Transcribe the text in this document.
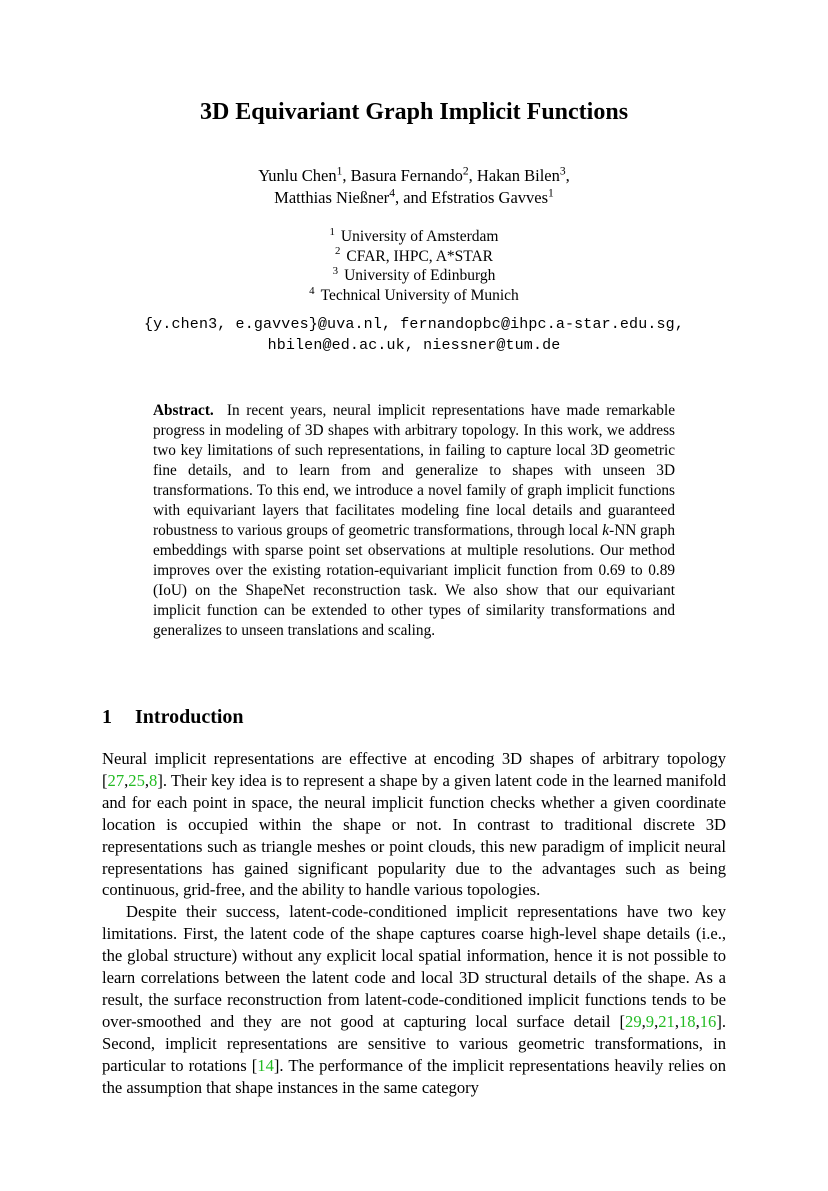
3D Equivariant Graph Implicit Functions
Yunlu Chen$^1$, Basura Fernando$^2$, Hakan Bilen$^3$,
Matthias Nießner$^4$, and Efstratios Gavves$^1$
$^1$ University of Amsterdam
$^2$ CFAR, IHPC, A*STAR
$^3$ University of Edinburgh
$^4$ Technical University of Munich
{y.chen3, e.gavves}@uva.nl, fernandopbc@ihpc.a-star.edu.sg,
hbilen@ed.ac.uk, niessner@tum.de

Abstract. In recent years, neural implicit representations have made remarkable progress in modeling of 3D shapes with arbitrary topology. In this work, we address two key limitations of such representations, in failing to capture local 3D geometric fine details, and to learn from and generalize to shapes with unseen 3D transformations. To this end, we introduce a novel family of graph implicit functions with equivariant layers that facilitates modeling fine local details and guaranteed robustness to various groups of geometric transformations, through local k-NN graph embeddings with sparse point set observations at multiple resolutions. Our method improves over the existing rotation-equivariant implicit function from 0.69 to 0.89 (IoU) on the ShapeNet reconstruction task. We also show that our equivariant implicit function can be extended to other types of similarity transformations and generalizes to unseen translations and scaling.

1 Introduction

Neural implicit representations are effective at encoding 3D shapes of arbitrary topology [27,25,8]. Their key idea is to represent a shape by a given latent code in the learned manifold and for each point in space, the neural implicit function checks whether a given coordinate location is occupied within the shape or not. In contrast to traditional discrete 3D representations such as triangle meshes or point clouds, this new paradigm of implicit neural representations has gained significant popularity due to the advantages such as being continuous, grid-free, and the ability to handle various topologies.

Despite their success, latent-code-conditioned implicit representations have two key limitations. First, the latent code of the shape captures coarse high-level shape details (i.e., the global structure) without any explicit local spatial information, hence it is not possible to learn correlations between the latent code and local 3D structural details of the shape. As a result, the surface reconstruction from latent-code-conditioned implicit functions tends to be over-smoothed and they are not good at capturing local surface detail [29,9,21,18,16]. Second, implicit representations are sensitive to various geometric transformations, in particular to rotations [14]. The performance of the implicit representations heavily relies on the assumption that shape instances in the same category
